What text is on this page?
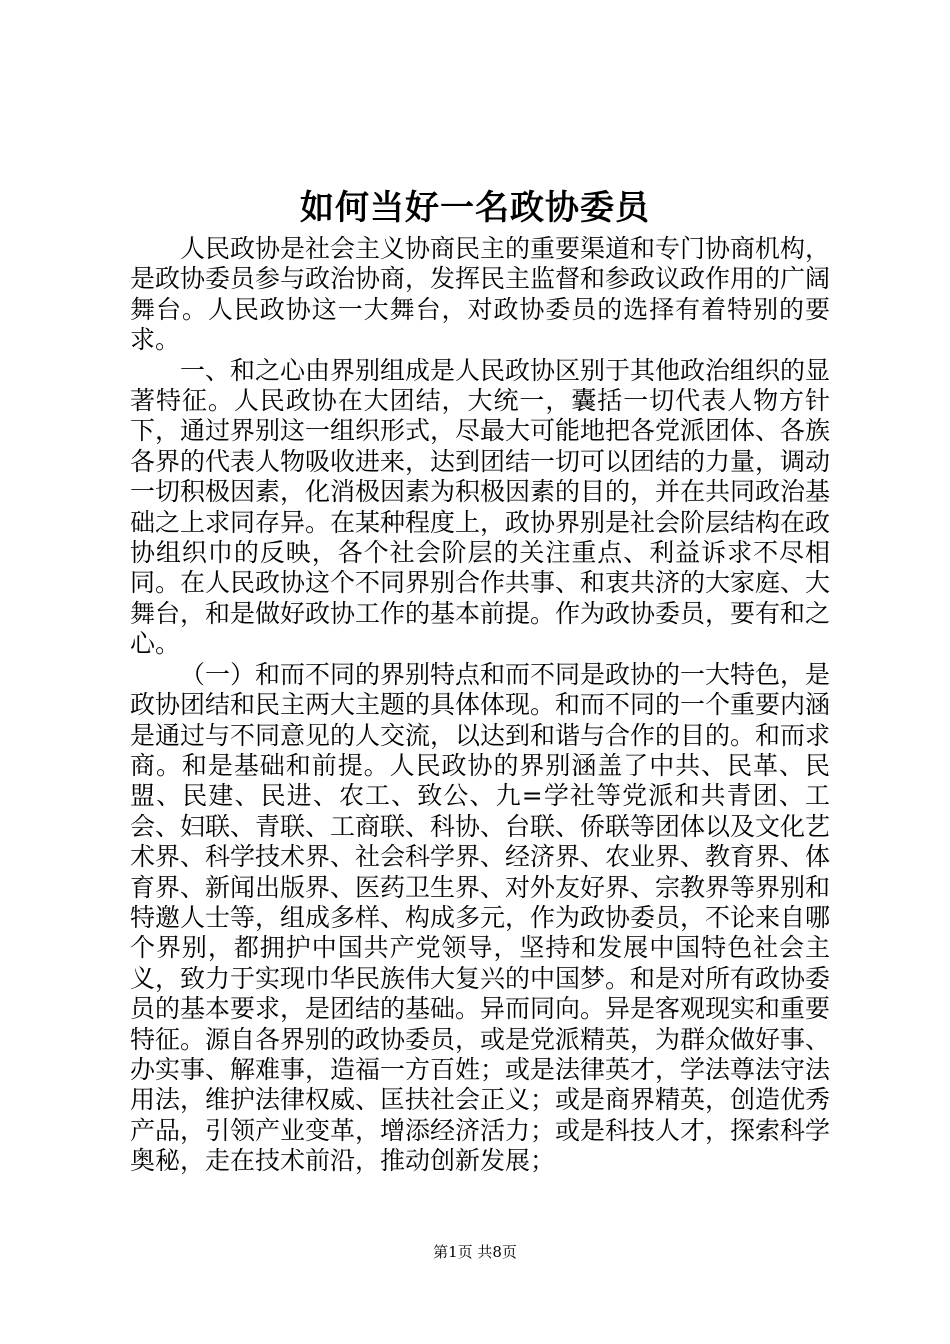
如何当好一名政协委员

人民政协是社会主义协商民主的重要渠道和专门协商机构，是政协委员参与政治协商，发挥民主监督和参政议政作用的广阔舞台。人民政协这一大舞台，对政协委员的选择有着特别的要求。

一、和之心由界别组成是人民政协区别于其他政治组织的显著特征。人民政协在大团结，大统一，囊括一切代表人物方针下，通过界别这一组织形式，尽最大可能地把各党派团体、各族各界的代表人物吸收进来，达到团结一切可以团结的力量，调动一切积极因素，化消极因素为积极因素的目的，并在共同政治基础之上求同存异。在某种程度上，政协界别是社会阶层结构在政协组织巾的反映，各个社会阶层的关注重点、利益诉求不尽相同。在人民政协这个不同界别合作共事、和衷共济的大家庭、大舞台，和是做好政协工作的基本前提。作为政协委员，要有和之心。

（一）和而不同的界别特点和而不同是政协的一大特色，是政协团结和民主两大主题的具体体现。和而不同的一个重要内涵是通过与不同意见的人交流，以达到和谐与合作的目的。和而求商。和是基础和前提。人民政协的界别涵盖了中共、民革、民盟、民建、民进、农工、致公、九=学社等党派和共青团、工会、妇联、青联、工商联、科协、台联、侨联等团体以及文化艺术界、科学技术界、社会科学界、经济界、农业界、教育界、体育界、新闻出版界、医药卫生界、对外友好界、宗教界等界别和特邀人士等，组成多样、构成多元，作为政协委员，不论来自哪个界别，都拥护中国共产党领导，坚持和发展中国特色社会主义，致力于实现巾华民族伟大复兴的中国梦。和是对所有政协委员的基本要求，是团结的基础。异而同向。异是客观现实和重要特征。源自各界别的政协委员，或是党派精英，为群众做好事、办实事、解难事，造福一方百姓；或是法律英才，学法尊法守法用法，维护法律权威、匡扶社会正义；或是商界精英，创造优秀产品，引领产业变革，增添经济活力；或是科技人才，探索科学奥秘，走在技术前沿，推动创新发展；

第1页 共8页
